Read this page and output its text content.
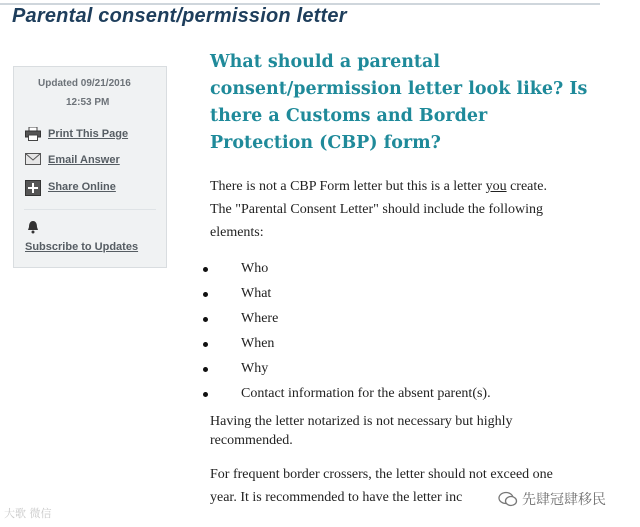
Parental consent/permission letter
Updated 09/21/2016
12:53 PM
Print This Page
Email Answer
Share Online
Subscribe to Updates
What should a parental consent/permission letter look like? Is there a Customs and Border Protection (CBP) form?
There is not a CBP Form letter but this is a letter you create. The "Parental Consent Letter" should include the following elements:
Who
What
Where
When
Why
Contact information for the absent parent(s).
Having the letter notarized is not necessary but highly recommended.
For frequent border crossers, the letter should not exceed one year. It is recommended to have the letter inc
大歌 微信
先肆冠肆移民
